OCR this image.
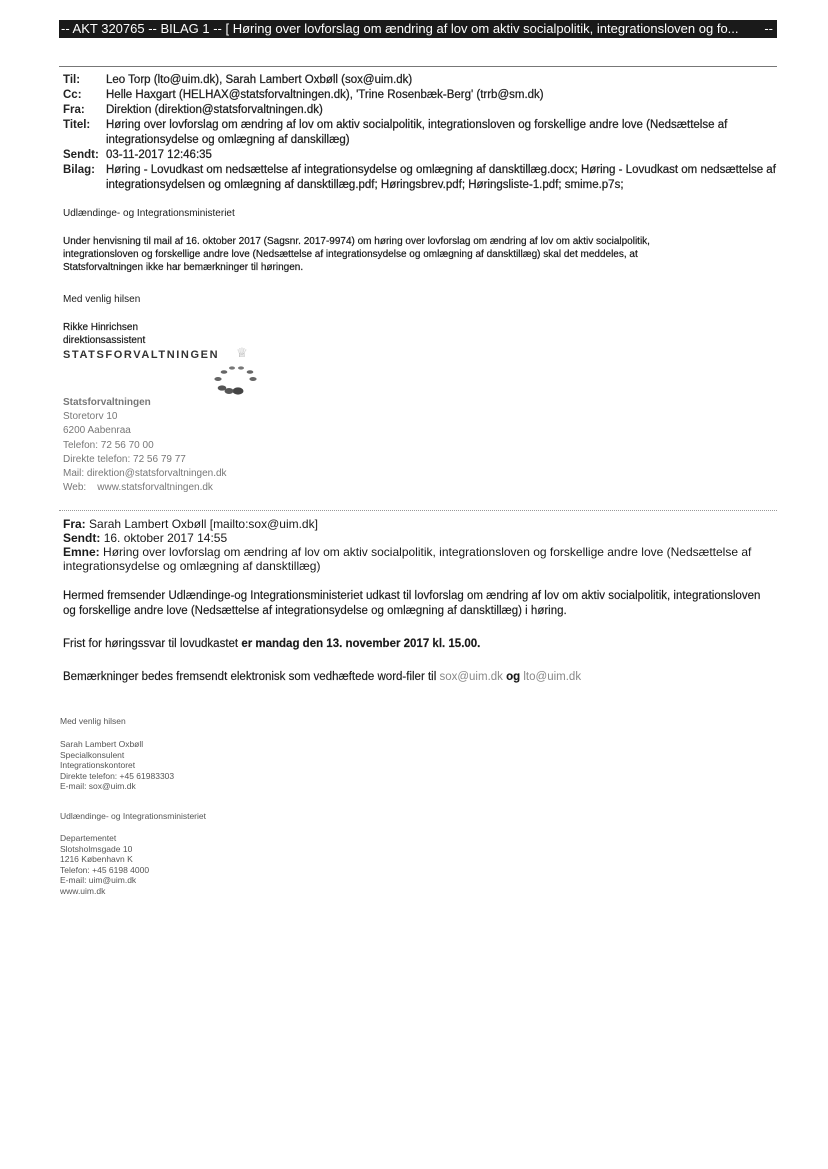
-- AKT 320765 -- BILAG 1 -- [ Høring over lovforslag om ændring af lov om aktiv socialpolitik, integrationsloven og fo...	--
Til:	Leo Torp (lto@uim.dk), Sarah Lambert Oxbøll (sox@uim.dk)
Cc:	Helle Haxgart (HELHAX@statsforvaltningen.dk), 'Trine Rosenbæk-Berg' (trrb@sm.dk)
Fra:	Direktion (direktion@statsforvaltningen.dk)
Titel:	Høring over lovforslag om ændring af lov om aktiv socialpolitik, integrationsloven og forskellige andre love (Nedsættelse af integrationsydelse og omlægning af danskillæg)
Sendt: 03-11-2017 12:46:35
Bilag: Høring - Lovudkast om nedsættelse af integrationsydelse og omlægning af dansktillæg.docx; Høring - Lovudkast om nedsættelse af integrationsydelsen og omlægning af dansktillæg.pdf; Høringsbrev.pdf; Høringsliste-1.pdf; smime.p7s;
Udlændinge- og Integrationsministeriet
Under henvisning til mail af 16. oktober 2017 (Sagsnr. 2017-9974) om høring over lovforslag om ændring af lov om aktiv socialpolitik, integrationsloven og forskellige andre love (Nedsættelse af integrationsydelse og omlægning af dansktillæg) skal det meddeles, at Statsforvaltningen ikke har bemærkninger til høringen.
Med venlig hilsen
Rikke Hinrichsen
direktionsassistent
STATSFORVALTNINGEN ♕
Statsforvaltningen
Storetorv 10
6200 Aabenraa
Telefon: 72 56 70 00
Direkte telefon: 72 56 79 77
Mail: direktion@statsforvaltningen.dk
Web: www.statsforvaltningen.dk
Fra: Sarah Lambert Oxbøll [mailto:sox@uim.dk]
Sendt: 16. oktober 2017 14:55
Emne: Høring over lovforslag om ændring af lov om aktiv socialpolitik, integrationsloven og forskellige andre love (Nedsættelse af integrationsydelse og omlægning af dansktillæg)
Hermed fremsender Udlændinge-og Integrationsministeriet udkast til lovforslag om ændring af lov om aktiv socialpolitik, integrationsloven og forskellige andre love (Nedsættelse af integrationsydelse og omlægning af dansktillæg) i høring.
Frist for høringssvar til lovudkastet er mandag den 13. november 2017 kl. 15.00.
Bemærkninger bedes fremsendt elektronisk som vedhæftede word-filer til sox@uim.dk og lto@uim.dk
Med venlig hilsen
Sarah Lambert Oxbøll
Specialkonsulent
Integrationskontoret
Direkte telefon: +45 61983303
E-mail: sox@uim.dk
Udlændinge- og Integrationsministeriet
Departementet
Slotsholmsgade 10
1216 København K
Telefon: +45 6198 4000
E-mail: uim@uim.dk
www.uim.dk
